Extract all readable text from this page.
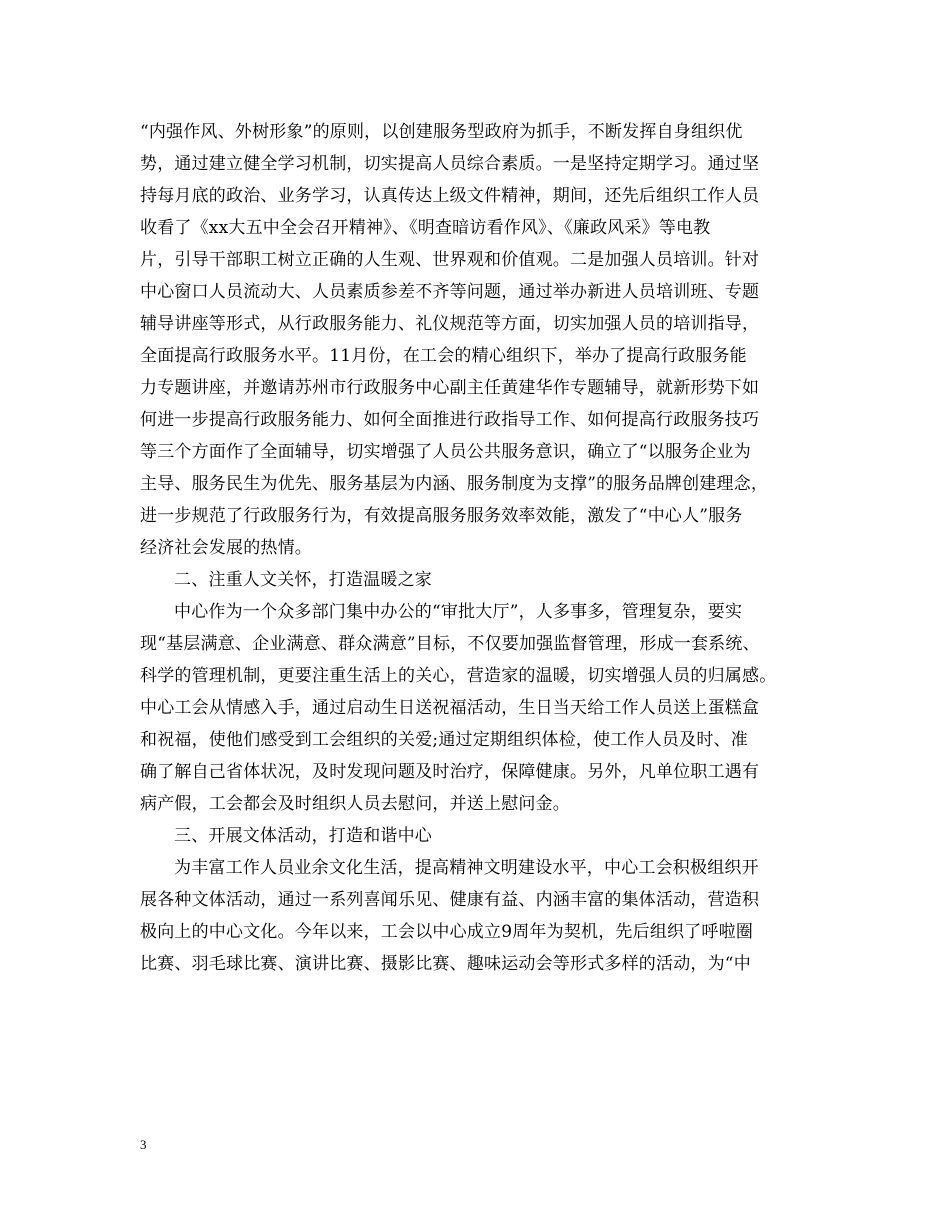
“内强作风、外树形象”的原则，以创建服务型政府为抓手，不断发挥自身组织优
势，通过建立健全学习机制，切实提高人员综合素质。一是坚持定期学习。通过坚
持每月底的政治、业务学习，认真传达上级文件精神，期间，还先后组织工作人员
收看了《xx大五中全会召开精神》、《明查暗访看作风》、《廉政风采》等电教
片，引导干部职工树立正确的人生观、世界观和价值观。二是加强人员培训。针对
中心窗口人员流动大、人员素质参差不齐等问题，通过举办新进人员培训班、专题
辅导讲座等形式，从行政服务能力、礼仪规范等方面，切实加强人员的培训指导，
全面提高行政服务水平。11月份，在工会的精心组织下，举办了提高行政服务能
力专题讲座，并邀请苏州市行政服务中心副主任黄建华作专题辅导，就新形势下如
何进一步提高行政服务能力、如何全面推进行政指导工作、如何提高行政服务技巧
等三个方面作了全面辅导，切实增强了人员公共服务意识，确立了“以服务企业为
主导、服务民生为优先、服务基层为内涵、服务制度为支撑”的服务品牌创建理念，
进一步规范了行政服务行为，有效提高服务服务效率效能，激发了“中心人”服务
经济社会发展的热情。
二、注重人文关怀，打造温暖之家
中心作为一个众多部门集中办公的“审批大厅”，人多事多，管理复杂，要实
现“基层满意、企业满意、群众满意”目标，不仅要加强监督管理，形成一套系统、
科学的管理机制，更要注重生活上的关心，营造家的温暖，切实增强人员的归属感。
中心工会从情感入手，通过启动生日送祝福活动，生日当天给工作人员送上蛋糕盒
和祝福，使他们感受到工会组织的关爱;通过定期组织体检，使工作人员及时、准
确了解自己省体状况，及时发现问题及时治疗，保障健康。另外，凡单位职工遇有
病产假，工会都会及时组织人员去慰问，并送上慰问金。
三、开展文体活动，打造和谐中心
为丰富工作人员业余文化生活，提高精神文明建设水平，中心工会积极组织开
展各种文体活动，通过一系列喜闻乐见、健康有益、内涵丰富的集体活动，营造积
极向上的中心文化。今年以来，工会以中心成立9周年为契机，先后组织了呼啦圈
比赛、羽毛球比赛、演讲比赛、摄影比赛、趣味运动会等形式多样的活动，为“中
3
